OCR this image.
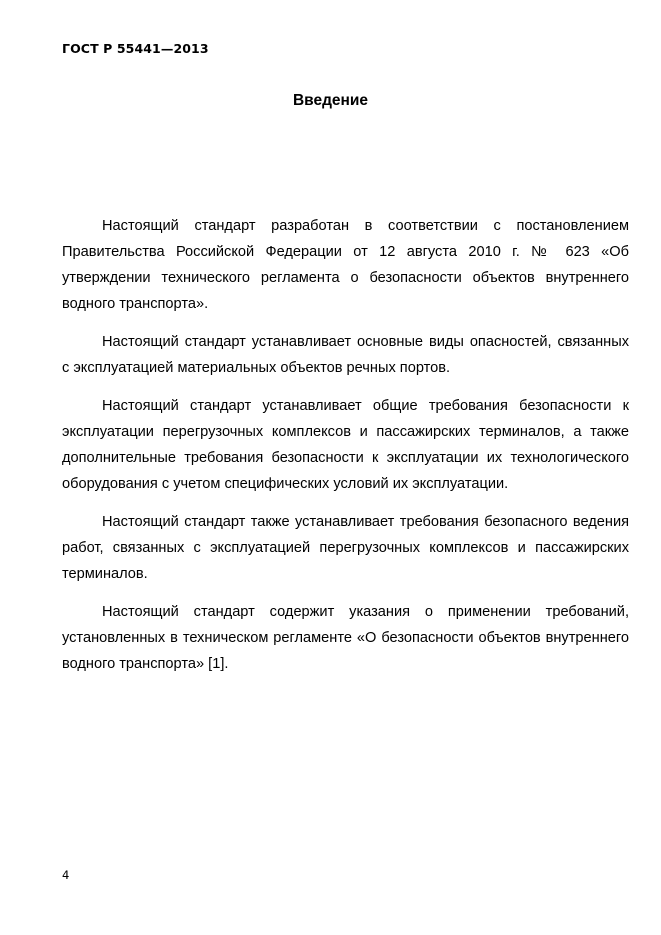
ГОСТ Р 55441—2013
Введение

Настоящий стандарт разработан в соответствии с постановлением Правительства Российской Федерации от 12 августа 2010 г. № 623 «Об утверждении технического регламента о безопасности объектов внутреннего водного транспорта».

Настоящий стандарт устанавливает основные виды опасностей, связанных с эксплуатацией материальных объектов речных портов.

Настоящий стандарт устанавливает общие требования безопасности к эксплуатации перегрузочных комплексов и пассажирских терминалов, а также дополнительные требования безопасности к эксплуатации их технологического оборудования с учетом специфических условий их эксплуатации.

Настоящий стандарт также устанавливает требования безопасного ведения работ, связанных с эксплуатацией перегрузочных комплексов и пассажирских терминалов.

Настоящий стандарт содержит указания о применении требований, установленных в техническом регламенте «О безопасности объектов внутреннего водного транспорта» [1].

4
